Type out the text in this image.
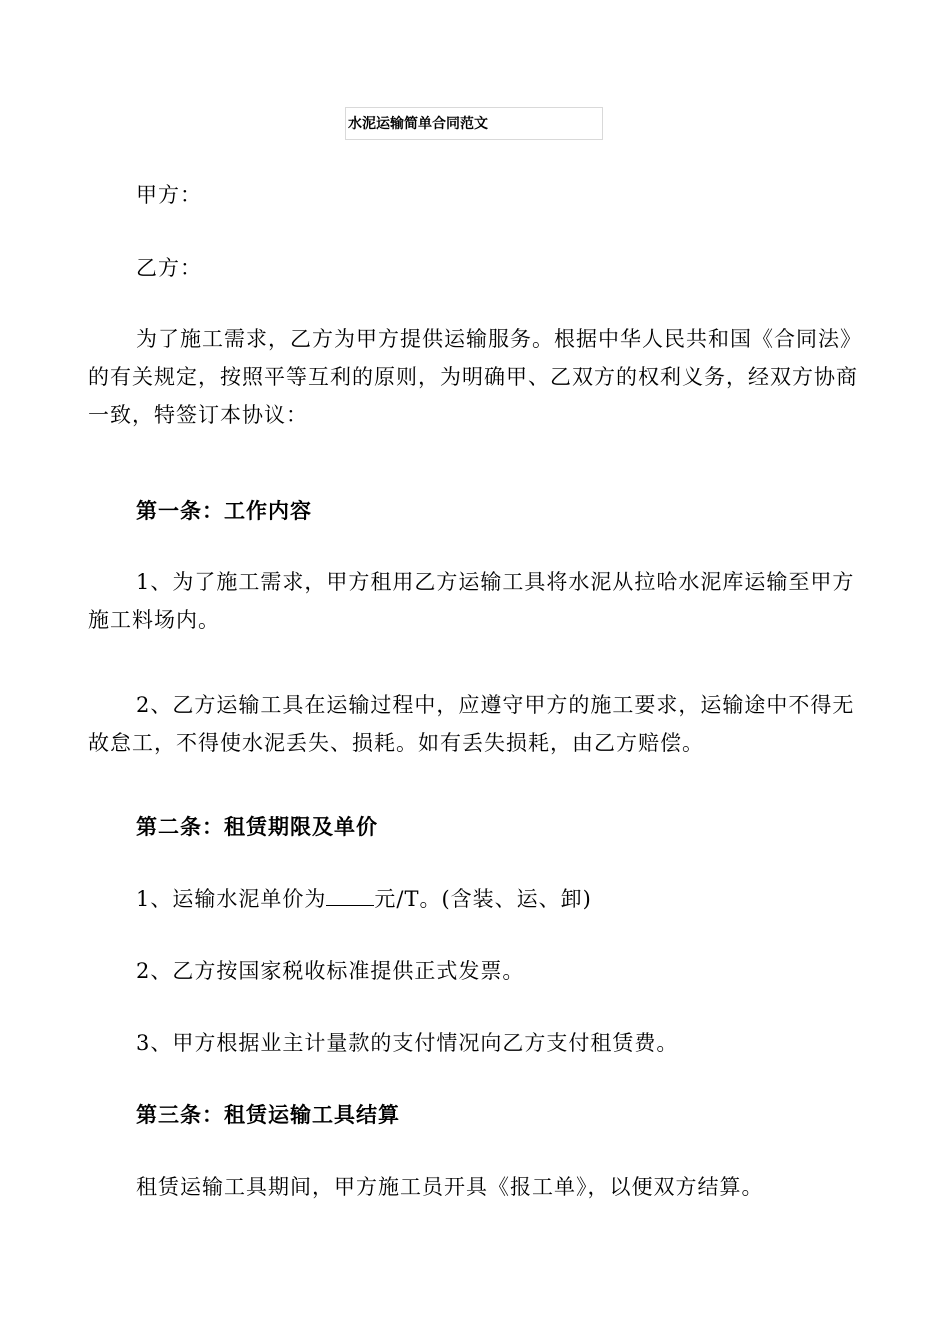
水泥运输简单合同范文

甲方：

乙方：

为了施工需求，乙方为甲方提供运输服务。根据中华人民共和国《合同法》的有关规定，按照平等互利的原则，为明确甲、乙双方的权利义务，经双方协商一致，特签订本协议：

第一条：工作内容

1、为了施工需求，甲方租用乙方运输工具将水泥从拉哈水泥库运输至甲方施工料场内。

2、乙方运输工具在运输过程中，应遵守甲方的施工要求，运输途中不得无故怠工，不得使水泥丢失、损耗。如有丢失损耗，由乙方赔偿。

第二条：租赁期限及单价

1、运输水泥单价为 元/T。(含装、运、卸)

2、乙方按国家税收标准提供正式发票。

3、甲方根据业主计量款的支付情况向乙方支付租赁费。

第三条：租赁运输工具结算

租赁运输工具期间，甲方施工员开具《报工单》，以便双方结算。
